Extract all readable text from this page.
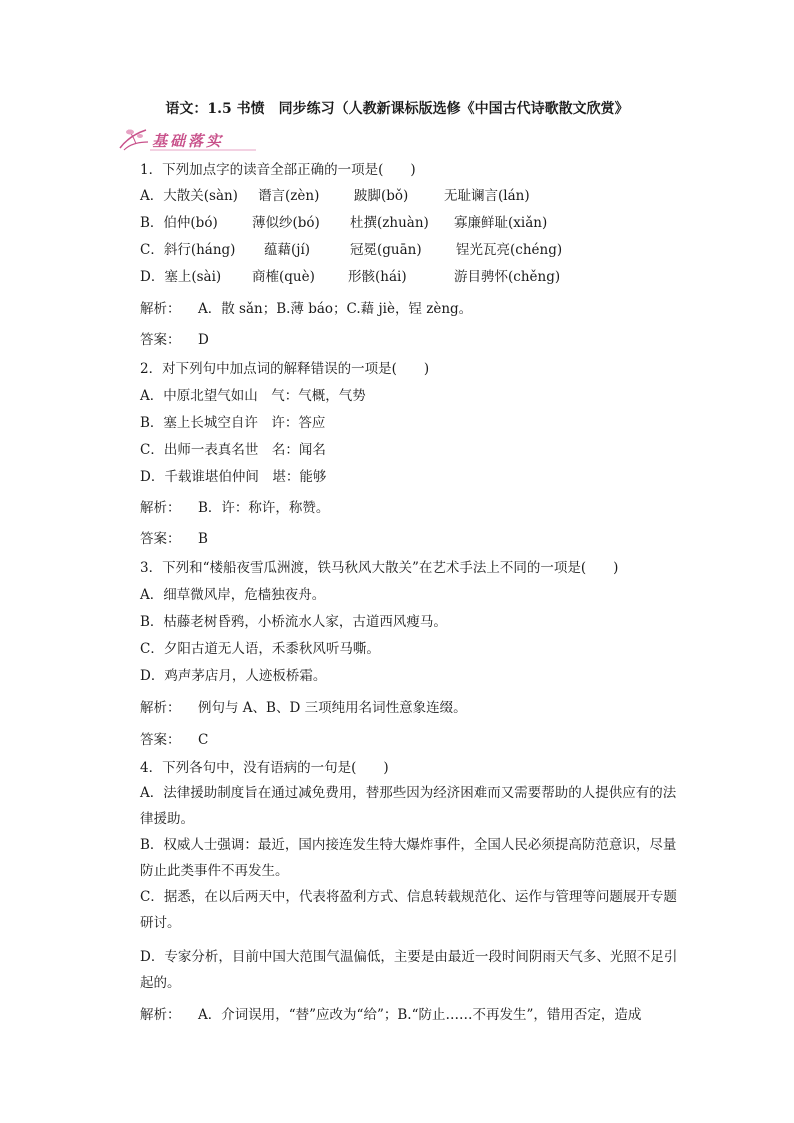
语文：1.5 书愤　同步练习（人教新课标版选修《中国古代诗歌散文欣赏》
基础落实
1．下列加点字的读音全部正确的一项是(　　)
A．大散关(sàn) 谮言(zèn)	跛脚(bǒ)	无耻谰言(lán)
B．伯仲(bó)	薄似纱(bó) 杜撰(zhuàn) 寡廉鲜耻(xiǎn)
C．斜行(háng) 蕴藉(jí)	冠冕(guān)	锃光瓦亮(chéng)
D．塞上(sài) 商榷(què) 形骸(hái)	游目骋怀(chěng)
解析： A．散 sǎn；B.薄 báo；C.藉 jiè，锃 zèng。
答案： D
2．对下列句中加点词的解释错误的一项是(　　)
A．中原北望气如山　气：气概，气势
B．塞上长城空自许　许：答应
C．出师一表真名世　名：闻名
D．千载谁堪伯仲间　堪：能够
解析： B．许：称许，称赞。
答案： B
3．下列和“楼船夜雪瓜洲渡，铁马秋风大散关”在艺术手法上不同的一项是(　　)
A．细草微风岸，危樯独夜舟。
B．枯藤老树昏鸦，小桥流水人家，古道西风瘦马。
C．夕阳古道无人语，禾黍秋风听马嘶。
D．鸡声茅店月，人迹板桥霜。
解析： 例句与 A、B、D 三项纯用名词性意象连缀。
答案： C
4．下列各句中，没有语病的一句是(　　)
A．法律援助制度旨在通过减免费用，替那些因为经济困难而又需要帮助的人提供应有的法律援助。
B．权威人士强调：最近，国内接连发生特大爆炸事件，全国人民必须提高防范意识，尽量防止此类事件不再发生。
C．据悉，在以后两天中，代表将盈利方式、信息转载规范化、运作与管理等问题展开专题研讨。
D．专家分析，目前中国大范围气温偏低，主要是由最近一段时间阴雨天气多、光照不足引起的。
解析： A．介词误用，“替”应改为“给”；B.“防止……不再发生”，错用否定，造成
